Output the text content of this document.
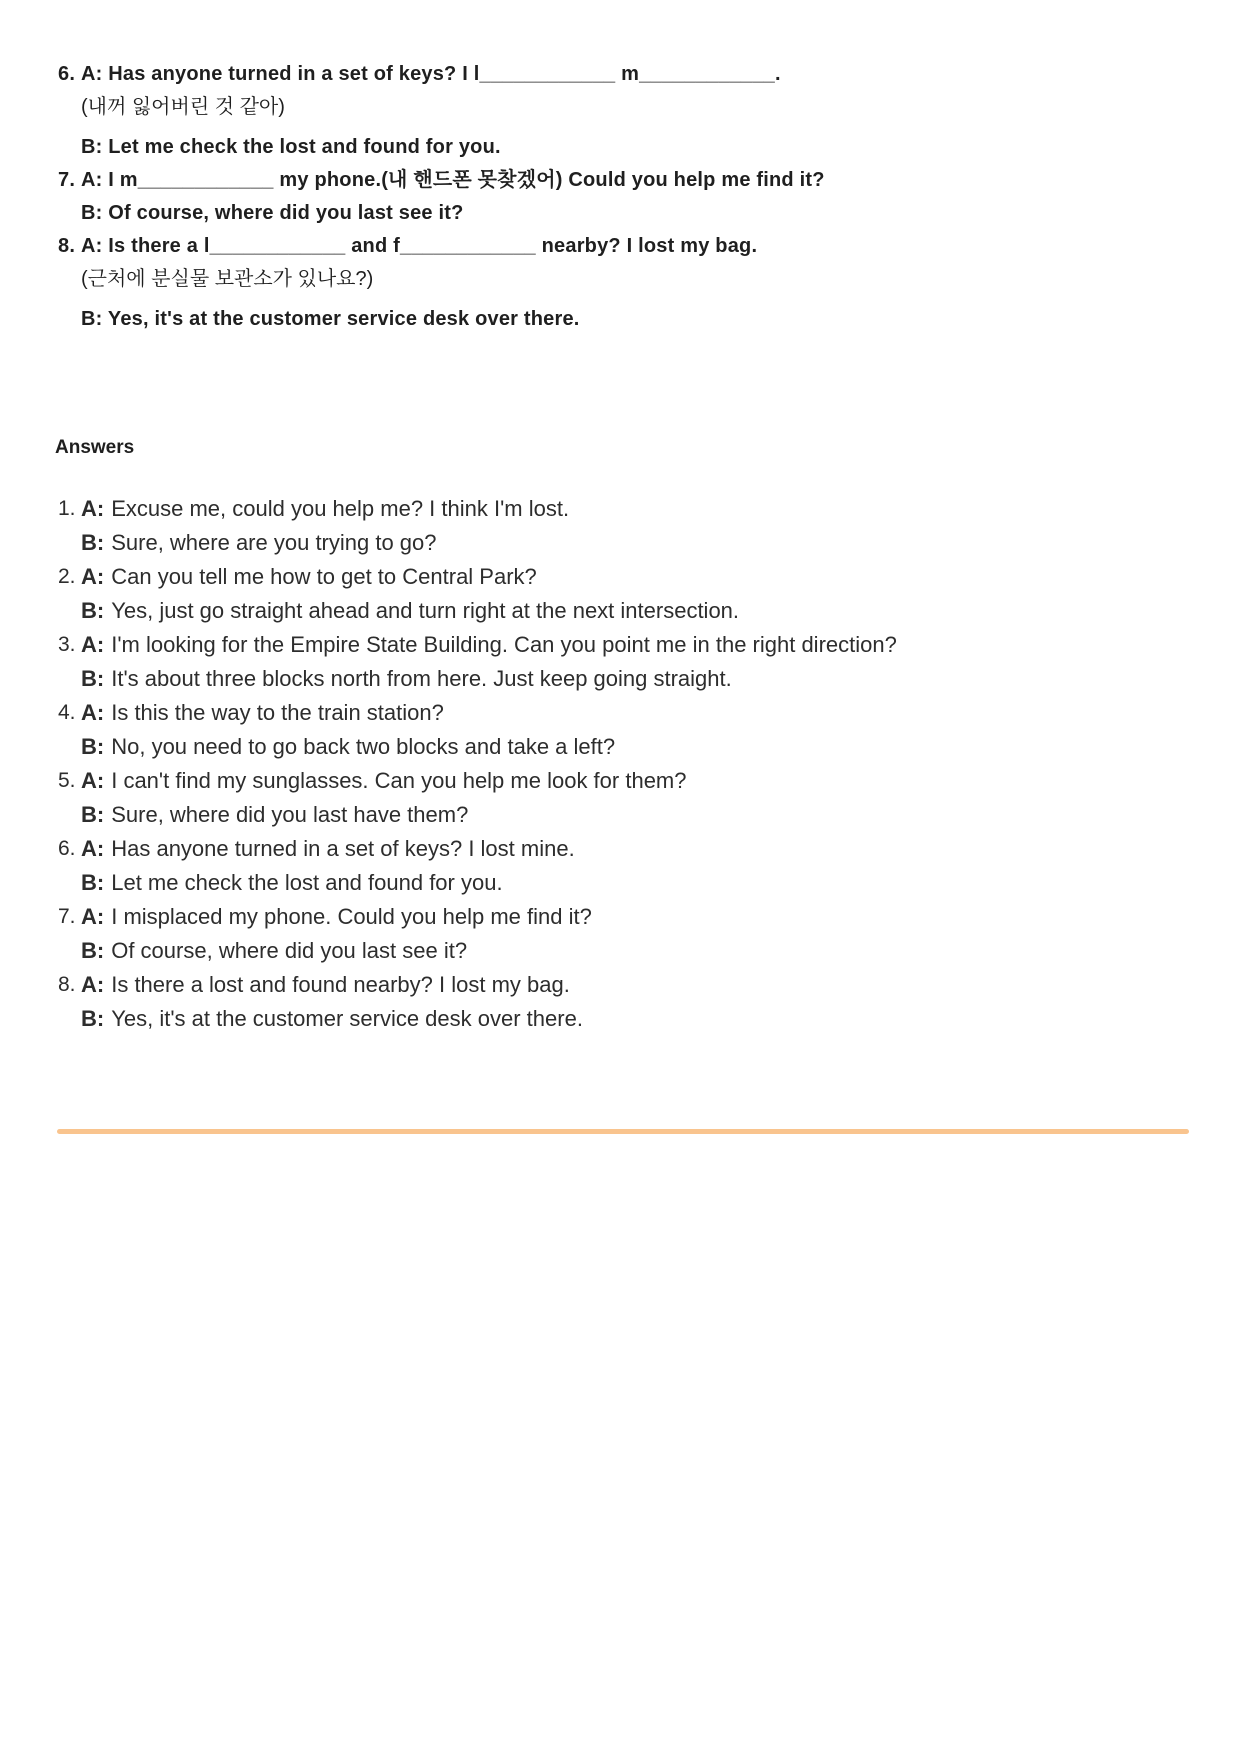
6. A: Has anyone turned in a set of keys? I l____________ m____________.
(내꺼 잃어버린 것 같아)
B: Let me check the lost and found for you.
7. A: I m____________ my phone.(내 핸드폰 못찾겠어) Could you help me find it?
B: Of course, where did you last see it?
8. A: Is there a l____________ and f____________ nearby? I lost my bag.
(근처에 분실물 보관소가 있나요?)
B: Yes, it's at the customer service desk over there.
Answers
1. A: Excuse me, could you help me? I think I'm lost.
B: Sure, where are you trying to go?
2. A: Can you tell me how to get to Central Park?
B: Yes, just go straight ahead and turn right at the next intersection.
3. A: I'm looking for the Empire State Building. Can you point me in the right direction?
B: It's about three blocks north from here. Just keep going straight.
4. A: Is this the way to the train station?
B: No, you need to go back two blocks and take a left?
5. A: I can't find my sunglasses. Can you help me look for them?
B: Sure, where did you last have them?
6. A: Has anyone turned in a set of keys? I lost mine.
B: Let me check the lost and found for you.
7. A: I misplaced my phone. Could you help me find it?
B: Of course, where did you last see it?
8. A: Is there a lost and found nearby? I lost my bag.
B: Yes, it's at the customer service desk over there.
